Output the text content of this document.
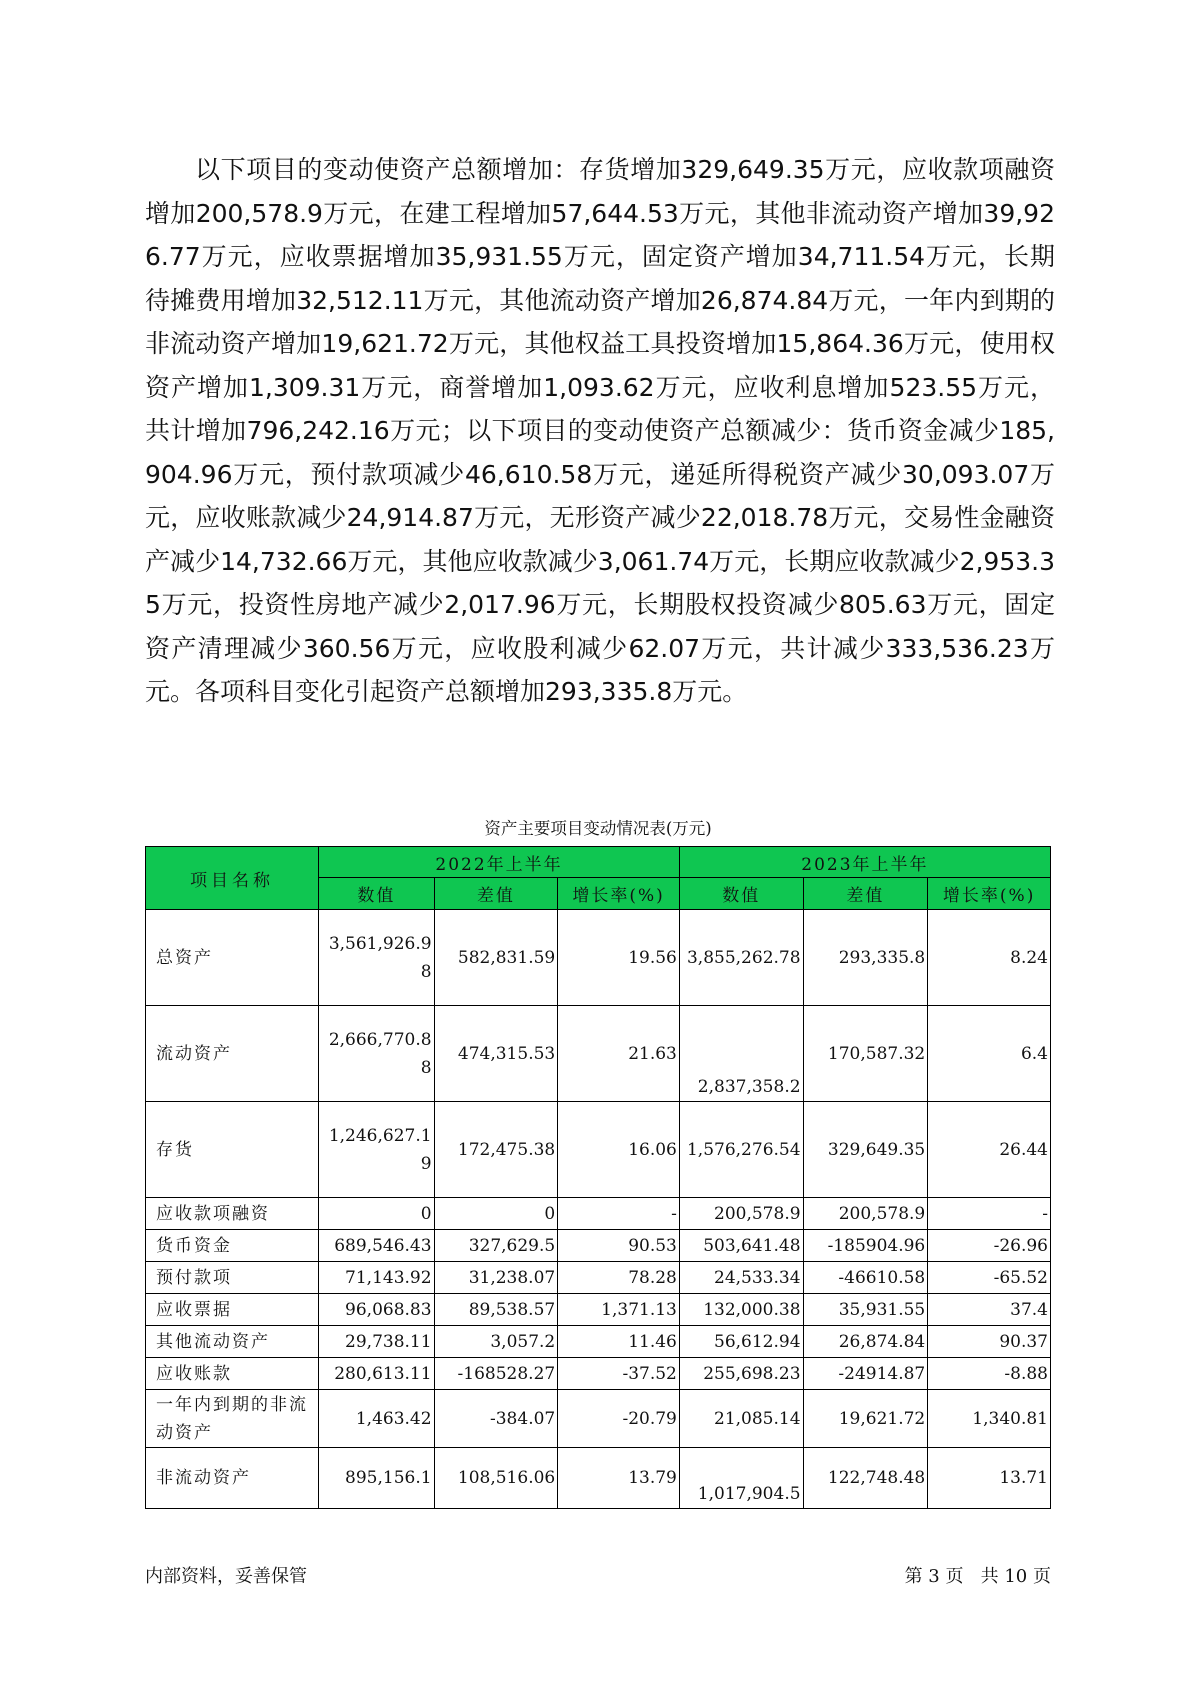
以下项目的变动使资产总额增加：存货增加329,649.35万元，应收款项融资增加200,578.9万元，在建工程增加57,644.53万元，其他非流动资产增加39,926.77万元，应收票据增加35,931.55万元，固定资产增加34,711.54万元，长期待摊费用增加32,512.11万元，其他流动资产增加26,874.84万元，一年内到期的非流动资产增加19,621.72万元，其他权益工具投资增加15,864.36万元，使用权资产增加1,309.31万元，商誉增加1,093.62万元，应收利息增加523.55万元，共计增加796,242.16万元；以下项目的变动使资产总额减少：货币资金减少185,904.96万元，预付款项减少46,610.58万元，递延所得税资产减少30,093.07万元，应收账款减少24,914.87万元，无形资产减少22,018.78万元，交易性金融资产减少14,732.66万元，其他应收款减少3,061.74万元，长期应收款减少2,953.35万元，投资性房地产减少2,017.96万元，长期股权投资减少805.63万元，固定资产清理减少360.56万元，应收股利减少62.07万元，共计减少333,536.23万元。各项科目变化引起资产总额增加293,335.8万元。

资产主要项目变动情况表(万元)

项目名称	2022年上半年			2023年上半年		
	数值	差值	增长率(%)	数值	差值	增长率(%)
总资产	3,561,926.98	582,831.59	19.56	3,855,262.78	293,335.8	8.24
流动资产	2,666,770.88	474,315.53	21.63	2,837,358.2	170,587.32	6.4
存货	1,246,627.19	172,475.38	16.06	1,576,276.54	329,649.35	26.44
应收款项融资	0	0	-	200,578.9	200,578.9	-
货币资金	689,546.43	327,629.5	90.53	503,641.48	-185904.96	-26.96
预付款项	71,143.92	31,238.07	78.28	24,533.34	-46610.58	-65.52
应收票据	96,068.83	89,538.57	1,371.13	132,000.38	35,931.55	37.4
其他流动资产	29,738.11	3,057.2	11.46	56,612.94	26,874.84	90.37
应收账款	280,613.11	-168528.27	-37.52	255,698.23	-24914.87	-8.88
一年内到期的非流动资产	1,463.42	-384.07	-20.79	21,085.14	19,621.72	1,340.81
非流动资产	895,156.1	108,516.06	13.79	1,017,904.5	122,748.48	13.71

内部资料，妥善保管	第 3 页   共 10 页
